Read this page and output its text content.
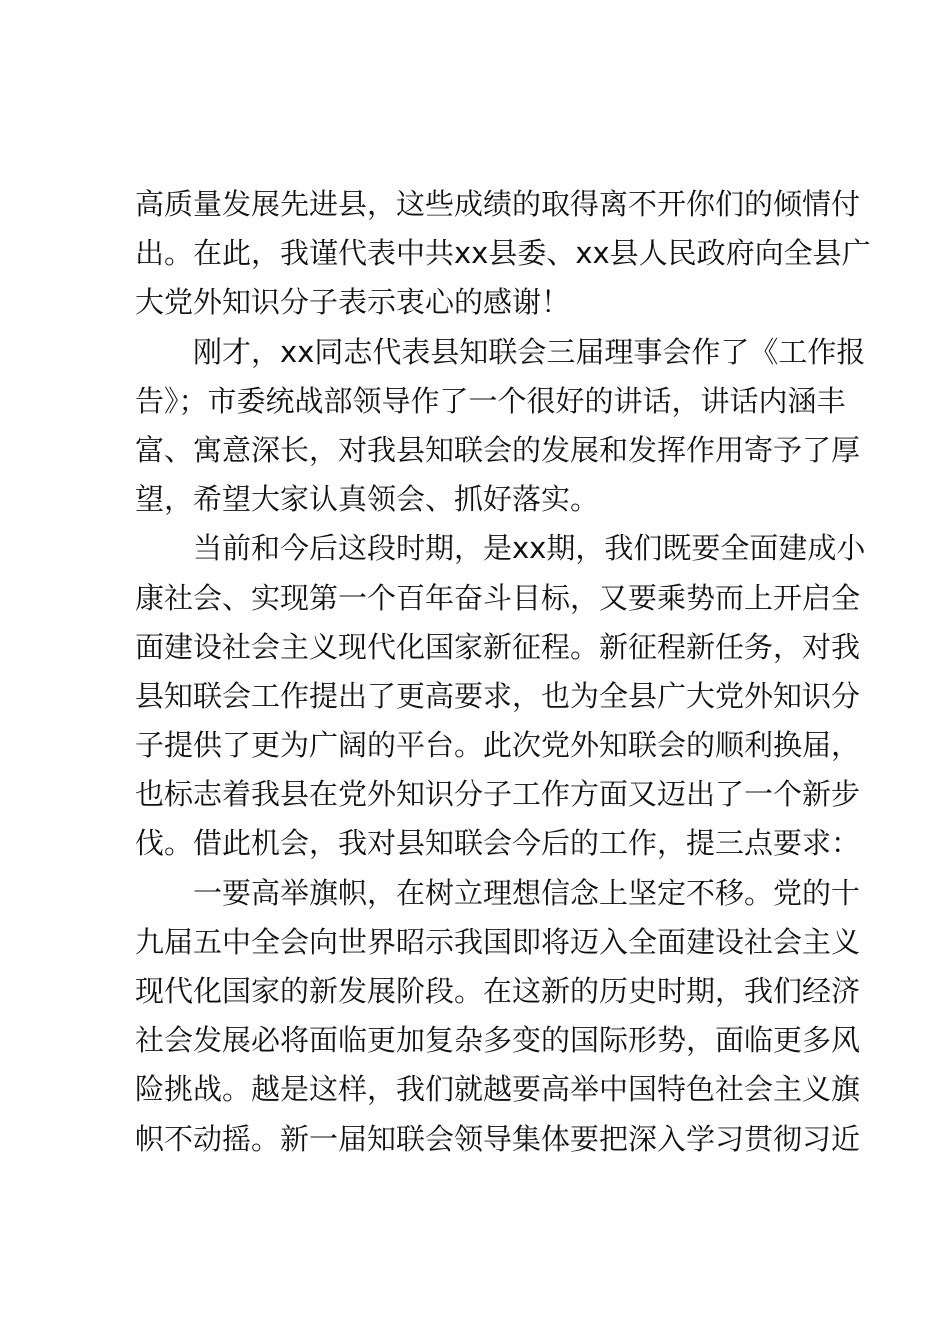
高质量发展先进县，这些成绩的取得离不开你们的倾情付
出。在此，我谨代表中共xx县委、xx县人民政府向全县广
大党外知识分子表示衷心的感谢！
刚才，xx同志代表县知联会三届理事会作了《工作报
告》；市委统战部领导作了一个很好的讲话，讲话内涵丰
富、寓意深长，对我县知联会的发展和发挥作用寄予了厚
望，希望大家认真领会、抓好落实。
当前和今后这段时期，是xx期，我们既要全面建成小
康社会、实现第一个百年奋斗目标，又要乘势而上开启全
面建设社会主义现代化国家新征程。新征程新任务，对我
县知联会工作提出了更高要求，也为全县广大党外知识分
子提供了更为广阔的平台。此次党外知联会的顺利换届，
也标志着我县在党外知识分子工作方面又迈出了一个新步
伐。借此机会，我对县知联会今后的工作，提三点要求：
一要高举旗帜，在树立理想信念上坚定不移。党的十
九届五中全会向世界昭示我国即将迈入全面建设社会主义
现代化国家的新发展阶段。在这新的历史时期，我们经济
社会发展必将面临更加复杂多变的国际形势，面临更多风
险挑战。越是这样，我们就越要高举中国特色社会主义旗
帜不动摇。新一届知联会领导集体要把深入学习贯彻习近
